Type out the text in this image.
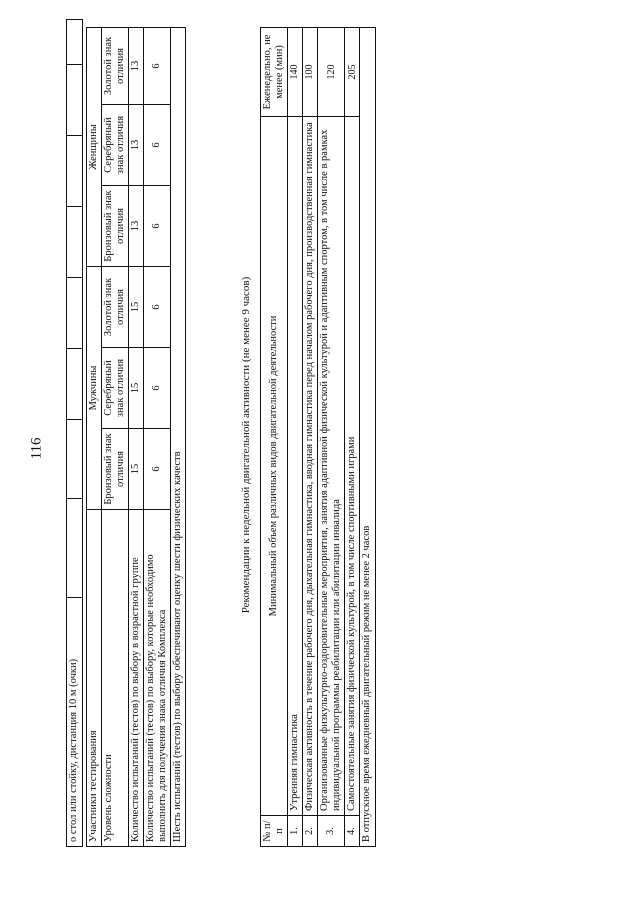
116
о стол или стойку, дистанция 10 м (очки)								Участники тестирования	Мужчины			Женщины		
Уровень сложности	Бронзовый знак отличия	Серебряный знак отличия	Золотой знак отличия	Бронзовый знак отличия	Серебряный знак отличия	Золотой знак отличия
Количество испытаний (тестов) по выбору в возрастной группе	15	15	15	13	13	13
Количество испытаний (тестов) по выбору, которые необходимо выполнить для получения знака отличия Комплекса	6	6	6	6	6	6
Шесть испытаний (тестов) по выбору обеспечивают оценку шести физических качеств						
Рекомендации к недельной двигательной активности (не менее 9 часов)
№ п/п	Минимальный объем различных видов двигательной деятельности	Еженедельно, не менее (мин)
1.	Утренняя гимнастика	140
2.	Физическая активность в течение рабочего дня, дыхательная гимнастика, вводная гимнастика перед началом рабочего дня, производственная гимнастика	100
3.	Организованные физкультурно-оздоровительные мероприятия, занятия адаптивной физической культурой и адаптивным спортом, в том числе в рамках индивидуальной программы реабилитации или абилитации инвалида	120
4.	Самостоятельные занятия физической культурой, в том числе спортивными играми	205
В отпускное время ежедневный двигательный режим не менее 2 часов		
